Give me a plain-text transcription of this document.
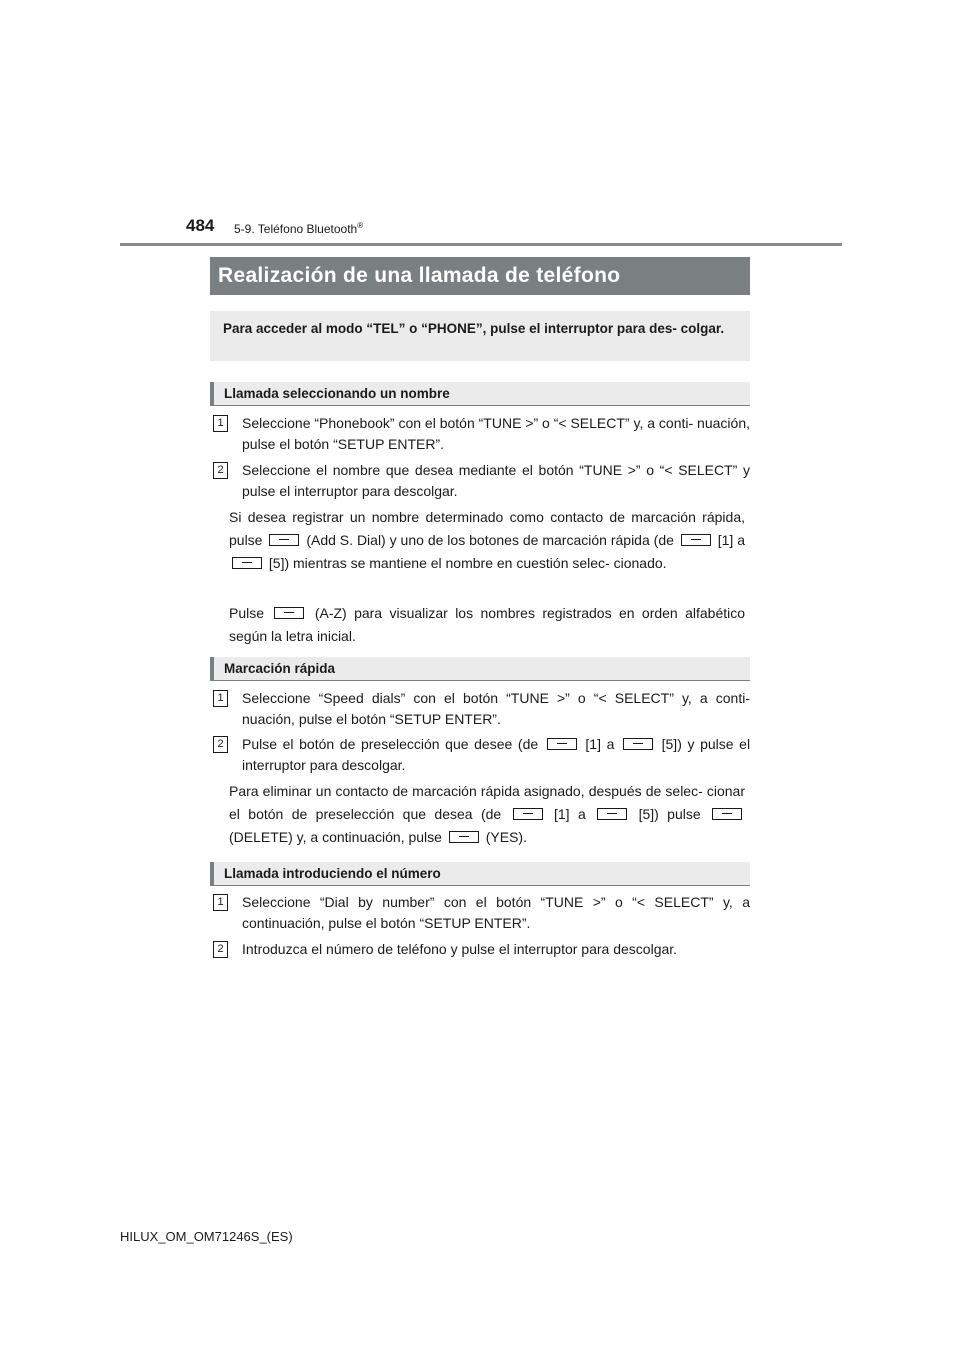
484 5-9. Teléfono Bluetooth®
Realización de una llamada de teléfono
Para acceder al modo “TEL” o “PHONE”, pulse el interruptor para des- colgar.
Llamada seleccionando un nombre
1	Seleccione “Phonebook” con el botón “TUNE >” o “< SELECT” y, a conti- nuación, pulse el botón “SETUP ENTER”.
2	Seleccione el nombre que desea mediante el botón “TUNE >” o “< SELECT” y pulse el interruptor para descolgar.
Si desea registrar un nombre determinado como contacto de marcación rápida, pulse	(Add S. Dial) y uno de los botones de marcación rápida (de	[1] a  [5]) mientras se mantiene el nombre en cuestión selec- cionado.
Pulse	(A-Z) para visualizar los nombres registrados en orden alfabético según la letra inicial.
Marcación rápida
1	Seleccione “Speed dials” con el botón “TUNE >” o “< SELECT” y, a conti- nuación, pulse el botón “SETUP ENTER”.
2	Pulse el botón de preselección que desee (de	[1] a	[5]) y pulse el interruptor para descolgar.
Para eliminar un contacto de marcación rápida asignado, después de selec- cionar el botón de preselección que desea (de	[1] a	[5]) pulse  (DELETE) y, a continuación, pulse	(YES).
Llamada introduciendo el número
1	Seleccione “Dial by number” con el botón “TUNE >” o “< SELECT” y, a continuación, pulse el botón “SETUP ENTER”.
2	Introduzca el número de teléfono y pulse el interruptor para descolgar.
HILUX_OM_OM71246S_(ES)
